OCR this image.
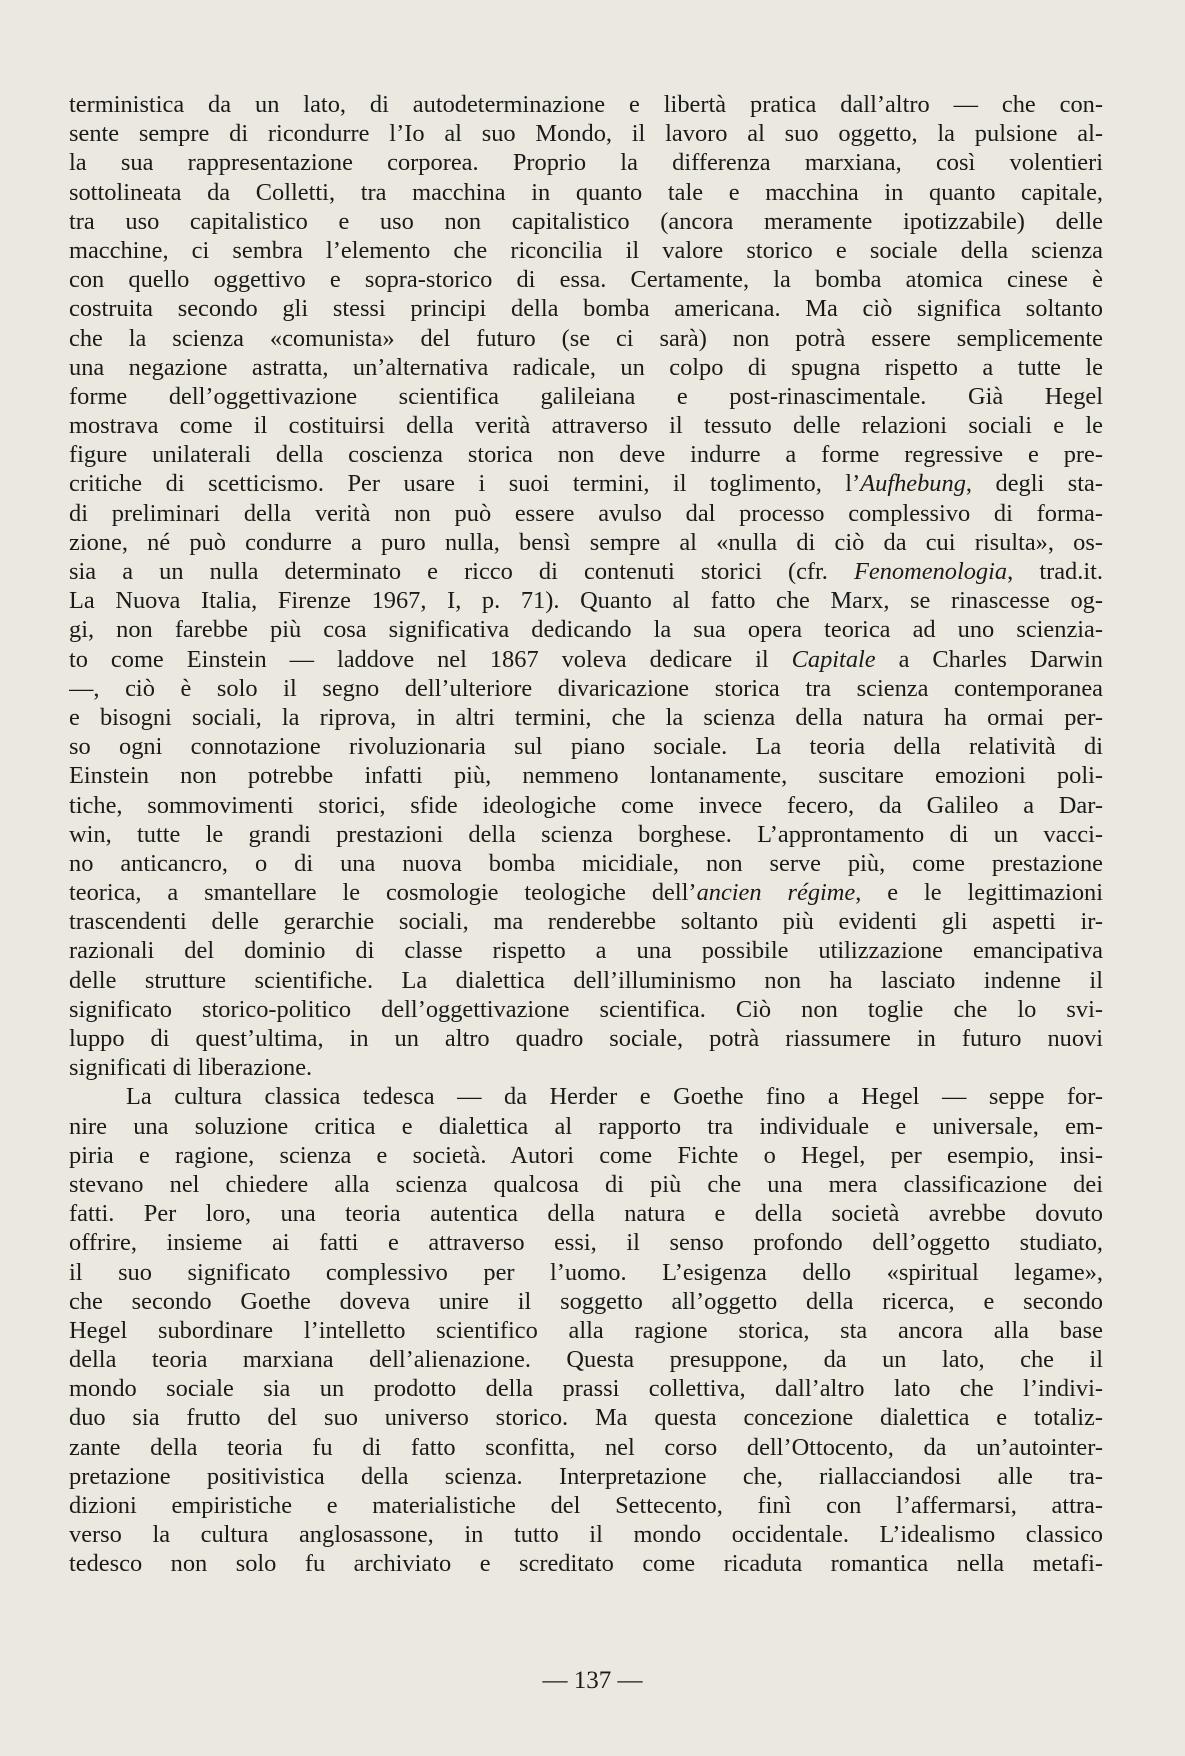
terministica da un lato, di autodeterminazione e libertà pratica dall’altro — che con-
sente sempre di ricondurre l’Io al suo Mondo, il lavoro al suo oggetto, la pulsione al-
la sua rappresentazione corporea. Proprio la differenza marxiana, così volentieri
sottolineata da Colletti, tra macchina in quanto tale e macchina in quanto capitale,
tra uso capitalistico e uso non capitalistico (ancora meramente ipotizzabile) delle
macchine, ci sembra l’elemento che riconcilia il valore storico e sociale della scienza
con quello oggettivo e sopra-storico di essa. Certamente, la bomba atomica cinese è
costruita secondo gli stessi principi della bomba americana. Ma ciò significa soltanto
che la scienza «comunista» del futuro (se ci sarà) non potrà essere semplicemente
una negazione astratta, un’alternativa radicale, un colpo di spugna rispetto a tutte le
forme dell’oggettivazione scientifica galileiana e post-rinascimentale. Già Hegel
mostrava come il costituirsi della verità attraverso il tessuto delle relazioni sociali e le
figure unilaterali della coscienza storica non deve indurre a forme regressive e pre-
critiche di scetticismo. Per usare i suoi termini, il toglimento, l’Aufhebung, degli sta-
di preliminari della verità non può essere avulso dal processo complessivo di forma-
zione, né può condurre a puro nulla, bensì sempre al «nulla di ciò da cui risulta», os-
sia a un nulla determinato e ricco di contenuti storici (cfr. Fenomenologia, trad.it.
La Nuova Italia, Firenze 1967, I, p. 71). Quanto al fatto che Marx, se rinascesse og-
gi, non farebbe più cosa significativa dedicando la sua opera teorica ad uno scienzia-
to come Einstein — laddove nel 1867 voleva dedicare il Capitale a Charles Darwin
—, ciò è solo il segno dell’ulteriore divaricazione storica tra scienza contemporanea
e bisogni sociali, la riprova, in altri termini, che la scienza della natura ha ormai per-
so ogni connotazione rivoluzionaria sul piano sociale. La teoria della relatività di
Einstein non potrebbe infatti più, nemmeno lontanamente, suscitare emozioni poli-
tiche, sommovimenti storici, sfide ideologiche come invece fecero, da Galileo a Dar-
win, tutte le grandi prestazioni della scienza borghese. L’approntamento di un vacci-
no anticancro, o di una nuova bomba micidiale, non serve più, come prestazione
teorica, a smantellare le cosmologie teologiche dell’ancien régime, e le legittimazioni
trascendenti delle gerarchie sociali, ma renderebbe soltanto più evidenti gli aspetti ir-
razionali del dominio di classe rispetto a una possibile utilizzazione emancipativa
delle strutture scientifiche. La dialettica dell’illuminismo non ha lasciato indenne il
significato storico-politico dell’oggettivazione scientifica. Ciò non toglie che lo svi-
luppo di quest’ultima, in un altro quadro sociale, potrà riassumere in futuro nuovi
significati di liberazione.
La cultura classica tedesca — da Herder e Goethe fino a Hegel — seppe for-
nire una soluzione critica e dialettica al rapporto tra individuale e universale, em-
piria e ragione, scienza e società. Autori come Fichte o Hegel, per esempio, insi-
stevano nel chiedere alla scienza qualcosa di più che una mera classificazione dei
fatti. Per loro, una teoria autentica della natura e della società avrebbe dovuto
offrire, insieme ai fatti e attraverso essi, il senso profondo dell’oggetto studiato,
il suo significato complessivo per l’uomo. L’esigenza dello «spiritual legame»,
che secondo Goethe doveva unire il soggetto all’oggetto della ricerca, e secondo
Hegel subordinare l’intelletto scientifico alla ragione storica, sta ancora alla base
della teoria marxiana dell’alienazione. Questa presuppone, da un lato, che il
mondo sociale sia un prodotto della prassi collettiva, dall’altro lato che l’indivi-
duo sia frutto del suo universo storico. Ma questa concezione dialettica e totaliz-
zante della teoria fu di fatto sconfitta, nel corso dell’Ottocento, da un’autointer-
pretazione positivistica della scienza. Interpretazione che, riallacciandosi alle tra-
dizioni empiristiche e materialistiche del Settecento, finì con l’affermarsi, attra-
verso la cultura anglosassone, in tutto il mondo occidentale. L’idealismo classico
tedesco non solo fu archiviato e screditato come ricaduta romantica nella metafi-
— 137 —
